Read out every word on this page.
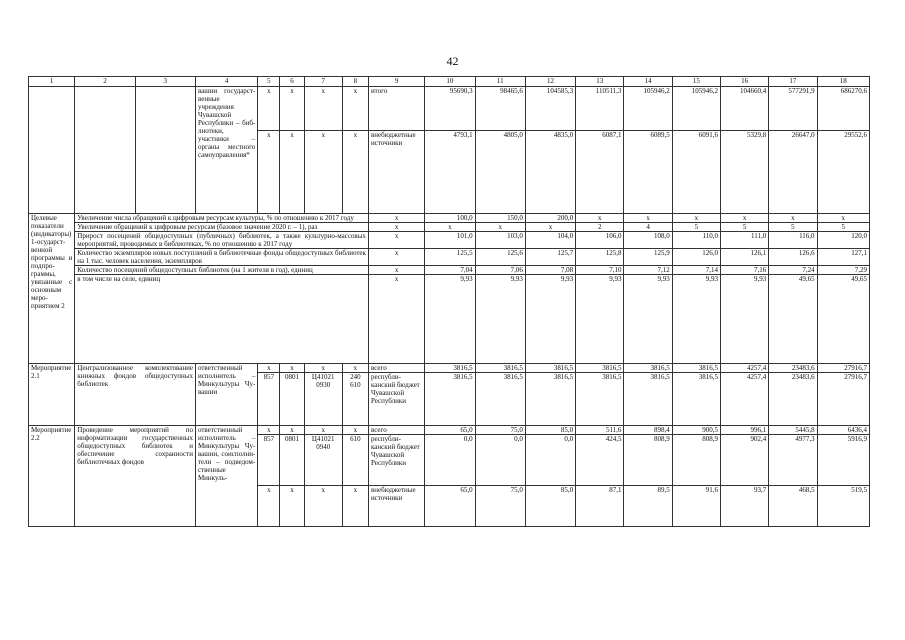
42
1	2	3	4	5	6	7	8	9	10	11	12	13	14	15	16	17	18
			вашии государственные учреждения Чувашской Республики – библиотеки, участники – органы местного самоуправления*	x	x	x	x	итого	95690,3	98465,6	104585,3	110511,3	105946,2	105946,2	104660,4	577291,9	686270,6
				x	x	x	x	внебюджетные источники	4793,1	4805,0	4835,0	6087,1	6089,5	6091,6	5329,8	26647,0	29552,6
Целевые показатели (индикаторы) 1-осударственной программы и подпрограммы, увязанные с основным мероприятием 2	Увеличение числа обращений к цифровым ресурсам культуры, % по отношению к 2017 году							x	100,0	150,0	200,0	x	x	x	x	x	x
	Увеличение обращений к цифровым ресурсам (базовое значение 2020 г. – 1), раз							x	x	x	x	2	4	5	5	5	5
	Прирост посещений общедоступных (публичных) библиотек, а также культурно-массовых мероприятий, проводимых в библиотеках, % по отношению к 2017 году							x	101,0	103,0	104,0	106,0	108,0	110,0	111,0	116,0	120,0
	Количество экземпляров новых поступлений в библиотечные фонды общедоступных библиотек на 1 тыс. человек населения, экземпляров							x	125,5	125,6	125,7	125,8	125,9	126,0	126,1	126,6	127,1
	Количество посещений общедоступных библиотек (на 1 жителя в год), единиц							x	7,04	7,06	7,08	7,10	7,12	7,14	7,16	7,24	7,29
	в том числе на селе, единиц							x	9,93	9,93	9,93	9,93	9,93	9,93	9,93	49,65	49,65
Мероприятие 2.1	Централизованное комплектование книжных фондов общедоступных библиотек		ответственный исполнитель – Минкультуры Чувашии	x	x	x	x	всего	3816,5	3816,5	3816,5	3816,5	3816,5	3816,5	4257,4	23483,6	27916,7
				857	0801	Ц41021 0930	240 610	республиканский бюджет Чувашской Республики	3816,5	3816,5	3816,5	3816,5	3816,5	3816,5	4257,4	23483,6	27916,7
Мероприятие 2.2	Проведение мероприятий по информатизации государственных общедоступных библиотек и обеспечение сохранности библиотечных фондов		ответственный исполнитель – Минкультуры Чувашии, соисполнители – подведомственные Минкуль-	x	x	x	x	всего	65,0	75,0	85,0	511,6	898,4	900,5	996,1	5445,8	6436,4
				857	0801	Ц41021 0940	610	республиканский бюджет Чувашской Республики	0,0	0,0	0,0	424,5	808,9	808,9	902,4	4977,3	5916,9
				x	x	x	x	внебюджетные источники	65,0	75,0	85,0	87,1	89,5	91,6	93,7	468,5	519,5
